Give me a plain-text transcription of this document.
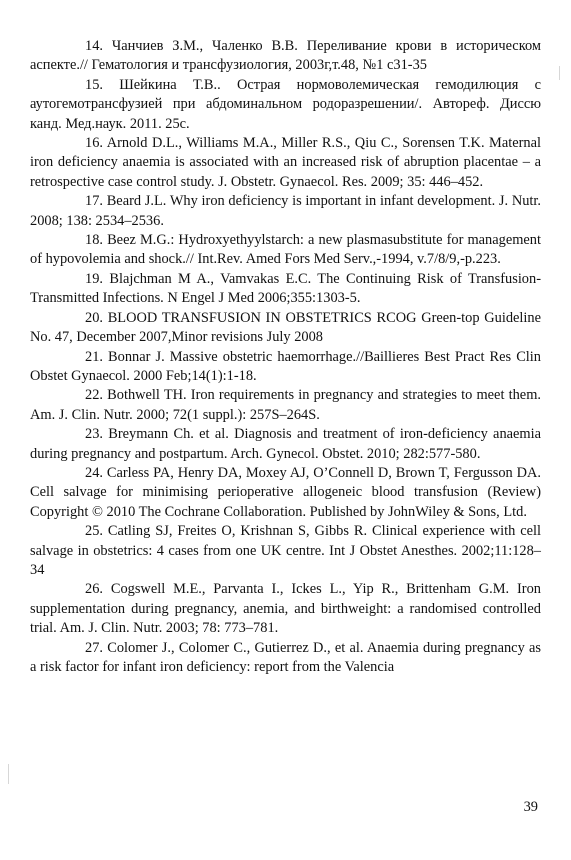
14. Чанчиев З.М., Чаленко В.В. Переливание крови в историческом аспекте.// Гематология и трансфузиология, 2003г,т.48, №1 с31-35

15. Шейкина Т.В.. Острая нормоволемическая гемодилюция с аутогемотрансфузией при абдоминальном родоразрешении/. Автореф. Диссю канд. Мед.наук. 2011. 25с.

16. Arnold D.L., Williams M.A., Miller R.S., Qiu C., Sorensen T.K. Maternal iron deficiency anaemia is associated with an increased risk of abruption placentae – a retrospective case control study. J. Obstetr. Gynaecol. Res. 2009; 35: 446–452.

17. Beard J.L. Why iron deficiency is important in infant development. J. Nutr. 2008; 138: 2534–2536.

18. Beez M.G.: Hydroxyethyylstarch: a new plasmasubstitute for management of hypovolemia and shock.// Int.Rev. Amed Fors Med Serv.,-1994, v.7/8/9,-p.223.

19. Blajchman M A., Vamvakas E.C. The Continuing Risk of Transfusion-Transmitted Infections. N Engel J Med 2006;355:1303-5.

20. BLOOD TRANSFUSION IN OBSTETRICS RCOG Green-top Guideline No. 47, December 2007,Minor revisions July 2008

21. Bonnar J. Massive obstetric haemorrhage.//Baillieres Best Pract Res Clin Obstet Gynaecol. 2000 Feb;14(1):1-18.

22. Bothwell TH. Iron requirements in pregnancy and strategies to meet them. Am. J. Clin. Nutr. 2000; 72(1 suppl.): 257S–264S.

23. Breymann Ch. et al. Diagnosis and treatment of iron-deficiency anaemia during pregnancy and postpartum. Arch. Gynecol. Obstet. 2010; 282:577-580.

24. Carless PA, Henry DA, Moxey AJ, O’Connell D, Brown T, Fergusson DA. Cell salvage for minimising perioperative allogeneic blood transfusion (Review) Copyright © 2010 The Cochrane Collaboration. Published by JohnWiley & Sons, Ltd.

25. Catling SJ, Freites O, Krishnan S, Gibbs R. Clinical experience with cell salvage in obstetrics: 4 cases from one UK centre. Int J Obstet Anesthes. 2002;11:128–34

26. Cogswell M.E., Parvanta I., Ickes L., Yip R., Brittenham G.M. Iron supplementation during pregnancy, anemia, and birthweight: a randomised controlled trial. Am. J. Clin. Nutr. 2003; 78: 773–781.

27. Colomer J., Colomer C., Gutierrez D., et al. Anaemia during pregnancy as a risk factor for infant iron deficiency: report from the Valencia

39
